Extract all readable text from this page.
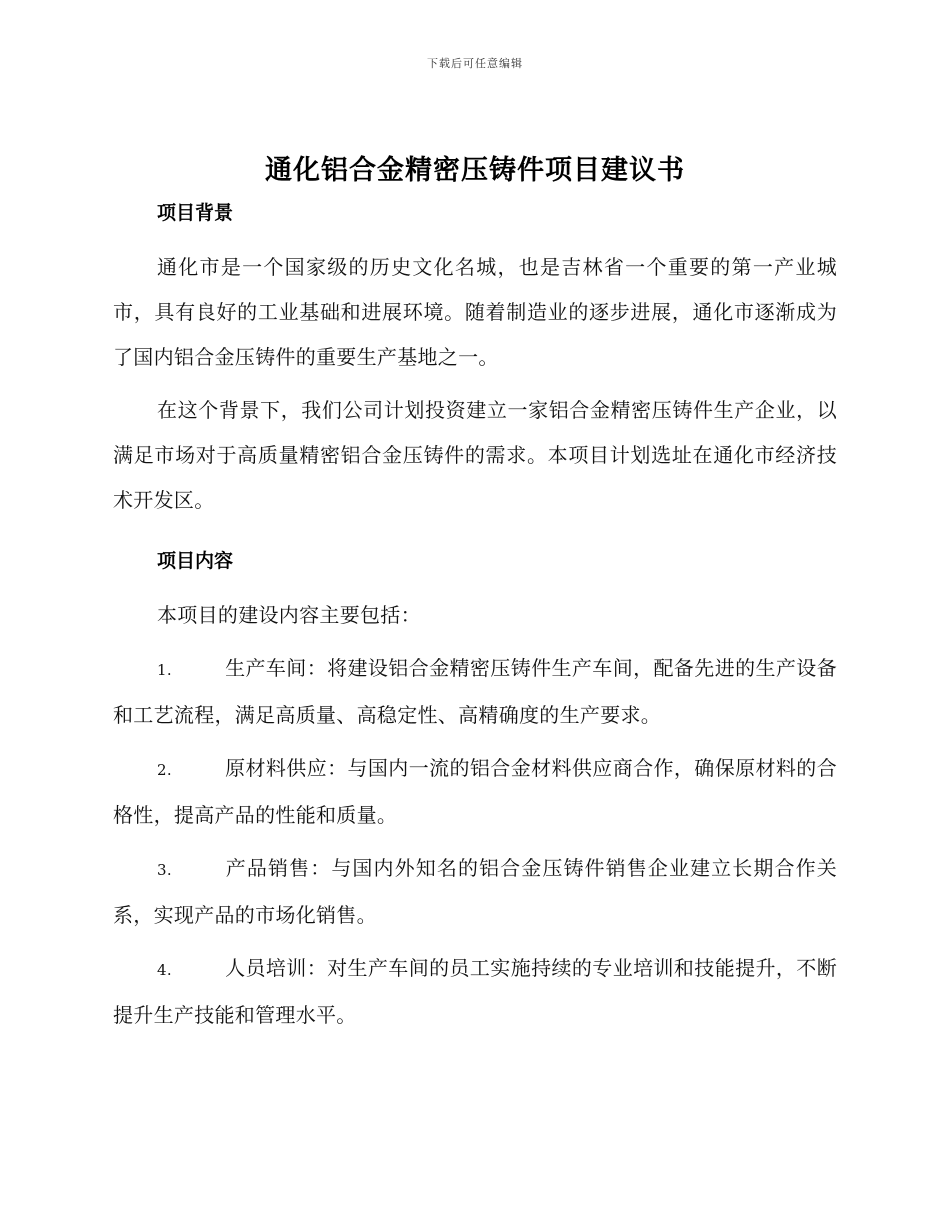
下载后可任意编辑
通化铝合金精密压铸件项目建议书

项目背景

通化市是一个国家级的历史文化名城，也是吉林省一个重要的第一产业城市，具有良好的工业基础和进展环境。随着制造业的逐步进展，通化市逐渐成为了国内铝合金压铸件的重要生产基地之一。

在这个背景下，我们公司计划投资建立一家铝合金精密压铸件生产企业，以满足市场对于高质量精密铝合金压铸件的需求。本项目计划选址在通化市经济技术开发区。

项目内容

本项目的建设内容主要包括：

1.	生产车间：将建设铝合金精密压铸件生产车间，配备先进的生产设备和工艺流程，满足高质量、高稳定性、高精确度的生产要求。

2.	原材料供应：与国内一流的铝合金材料供应商合作，确保原材料的合格性，提高产品的性能和质量。

3.	产品销售：与国内外知名的铝合金压铸件销售企业建立长期合作关系，实现产品的市场化销售。

4.	人员培训：对生产车间的员工实施持续的专业培训和技能提升，不断提升生产技能和管理水平。
